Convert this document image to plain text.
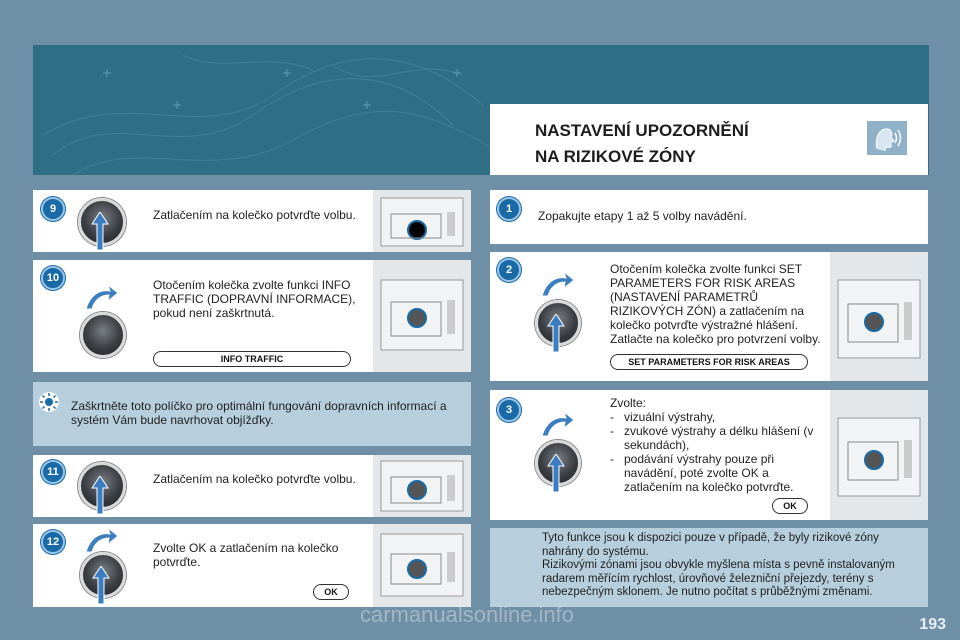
NASTAVENÍ UPOZORNĚNÍ
NA RIZIKOVÉ ZÓNY
9	Zatlačením na kolečko potvrďte volbu.
10	Otočením kolečka zvolte funkci INFO TRAFFIC (DOPRAVNÍ INFORMACE), pokud není zaškrtnutá.
INFO TRAFFIC
Zaškrtněte toto políčko pro optimální fungování dopravních informací a systém Vám bude navrhovat objížďky.
11	Zatlačením na kolečko potvrďte volbu.
12	Zvolte OK a zatlačením na kolečko potvrďte.
OK
1	Zopakujte etapy 1 až 5 volby navádění.
2	Otočením kolečka zvolte funkci SET PARAMETERS FOR RISK AREAS (NASTAVENÍ PARAMETRŮ RIZIKOVÝCH ZÓN) a zatlačením na kolečko potvrďte výstražné hlášení. Zatlačte na kolečko pro potvrzení volby.
SET PARAMETERS FOR RISK AREAS
3	Zvolte:
- vizuální výstrahy,
- zvukové výstrahy a délku hlášení (v sekundách),
- podávání výstrahy pouze při navádění, poté zvolte OK a zatlačením na kolečko potvrďte.
OK
Tyto funkce jsou k dispozici pouze v případě, že byly rizikové zóny nahrány do systému.
Rizikovými zónami jsou obvykle myšlena místa s pevně instalovaným radarem měřícím rychlost, úrovňové železniční přejezdy, terény s nebezpečným sklonem. Je nutno počítat s průběžnými změnami.
carmanualsonline.info	193
